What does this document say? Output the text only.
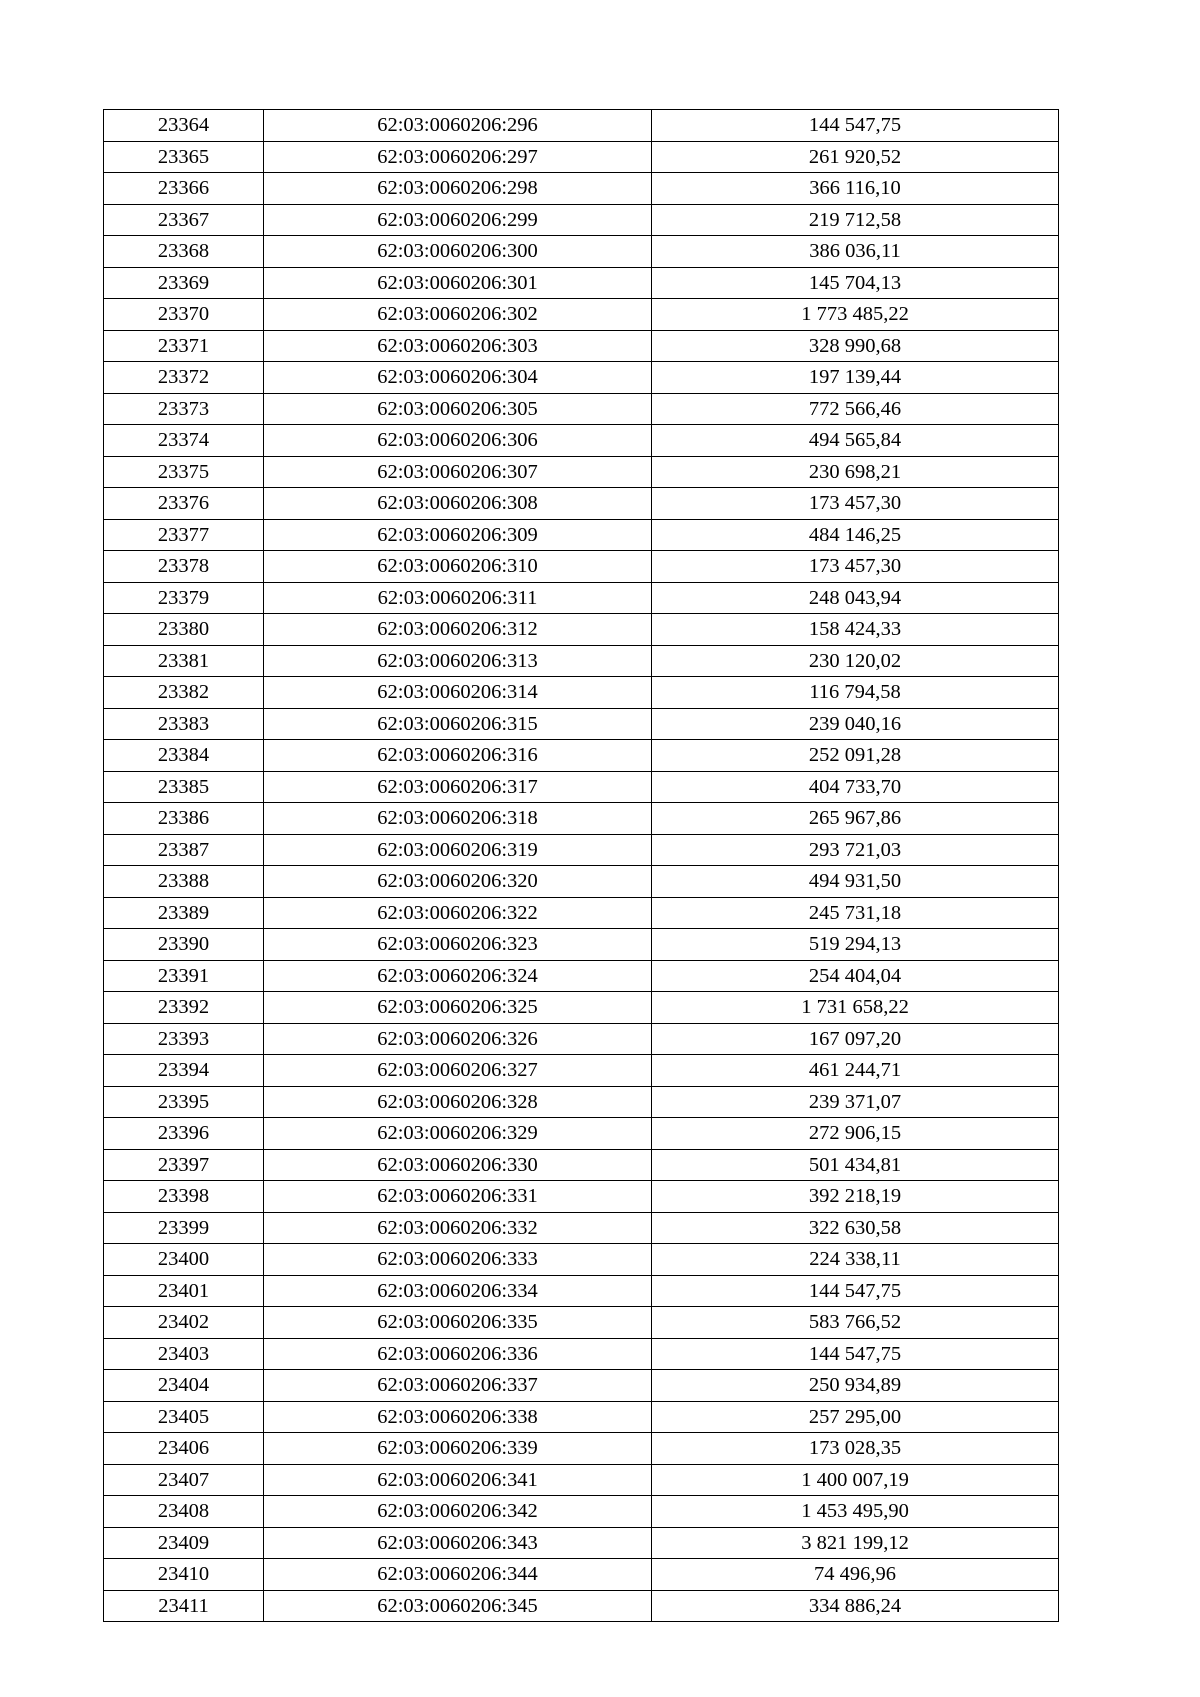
23364	62:03:0060206:296	144 547,75
23365	62:03:0060206:297	261 920,52
23366	62:03:0060206:298	366 116,10
23367	62:03:0060206:299	219 712,58
23368	62:03:0060206:300	386 036,11
23369	62:03:0060206:301	145 704,13
23370	62:03:0060206:302	1 773 485,22
23371	62:03:0060206:303	328 990,68
23372	62:03:0060206:304	197 139,44
23373	62:03:0060206:305	772 566,46
23374	62:03:0060206:306	494 565,84
23375	62:03:0060206:307	230 698,21
23376	62:03:0060206:308	173 457,30
23377	62:03:0060206:309	484 146,25
23378	62:03:0060206:310	173 457,30
23379	62:03:0060206:311	248 043,94
23380	62:03:0060206:312	158 424,33
23381	62:03:0060206:313	230 120,02
23382	62:03:0060206:314	116 794,58
23383	62:03:0060206:315	239 040,16
23384	62:03:0060206:316	252 091,28
23385	62:03:0060206:317	404 733,70
23386	62:03:0060206:318	265 967,86
23387	62:03:0060206:319	293 721,03
23388	62:03:0060206:320	494 931,50
23389	62:03:0060206:322	245 731,18
23390	62:03:0060206:323	519 294,13
23391	62:03:0060206:324	254 404,04
23392	62:03:0060206:325	1 731 658,22
23393	62:03:0060206:326	167 097,20
23394	62:03:0060206:327	461 244,71
23395	62:03:0060206:328	239 371,07
23396	62:03:0060206:329	272 906,15
23397	62:03:0060206:330	501 434,81
23398	62:03:0060206:331	392 218,19
23399	62:03:0060206:332	322 630,58
23400	62:03:0060206:333	224 338,11
23401	62:03:0060206:334	144 547,75
23402	62:03:0060206:335	583 766,52
23403	62:03:0060206:336	144 547,75
23404	62:03:0060206:337	250 934,89
23405	62:03:0060206:338	257 295,00
23406	62:03:0060206:339	173 028,35
23407	62:03:0060206:341	1 400 007,19
23408	62:03:0060206:342	1 453 495,90
23409	62:03:0060206:343	3 821 199,12
23410	62:03:0060206:344	74 496,96
23411	62:03:0060206:345	334 886,24
